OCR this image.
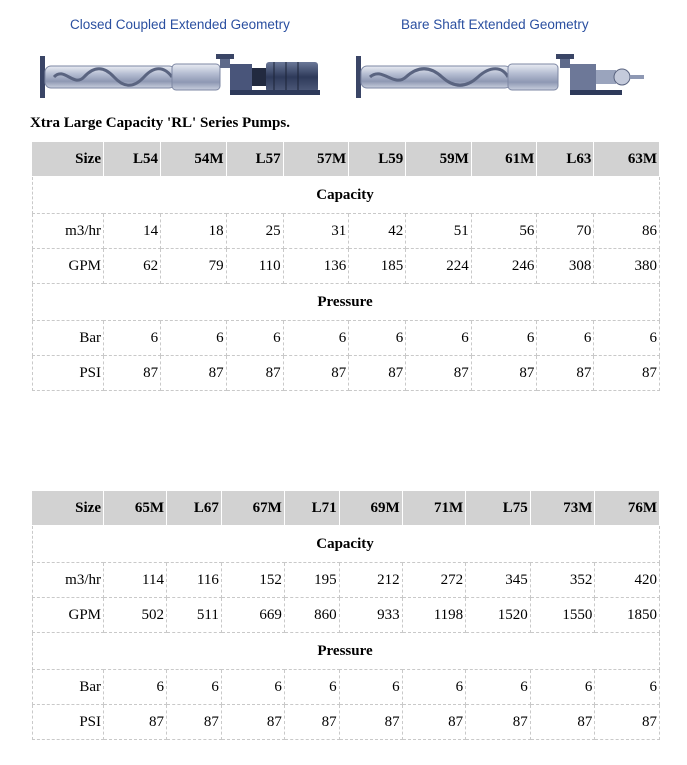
Closed Coupled Extended Geometry	Bare Shaft Extended Geometry
Xtra Large Capacity 'RL' Series Pumps.
Size	L54	54M	L57	57M	L59	59M	61M	L63	63M
Capacity									
m3/hr	14	18	25	31	42	51	56	70	86
GPM	62	79	110	136	185	224	246	308	380
Pressure									
Bar	6	6	6	6	6	6	6	6	6
PSI	87	87	87	87	87	87	87	87	87
Size	65M	L67	67M	L71	69M	71M	L75	73M	76M
Capacity									
m3/hr	114	116	152	195	212	272	345	352	420
GPM	502	511	669	860	933	1198	1520	1550	1850
Pressure									
Bar	6	6	6	6	6	6	6	6	6
PSI	87	87	87	87	87	87	87	87	87
